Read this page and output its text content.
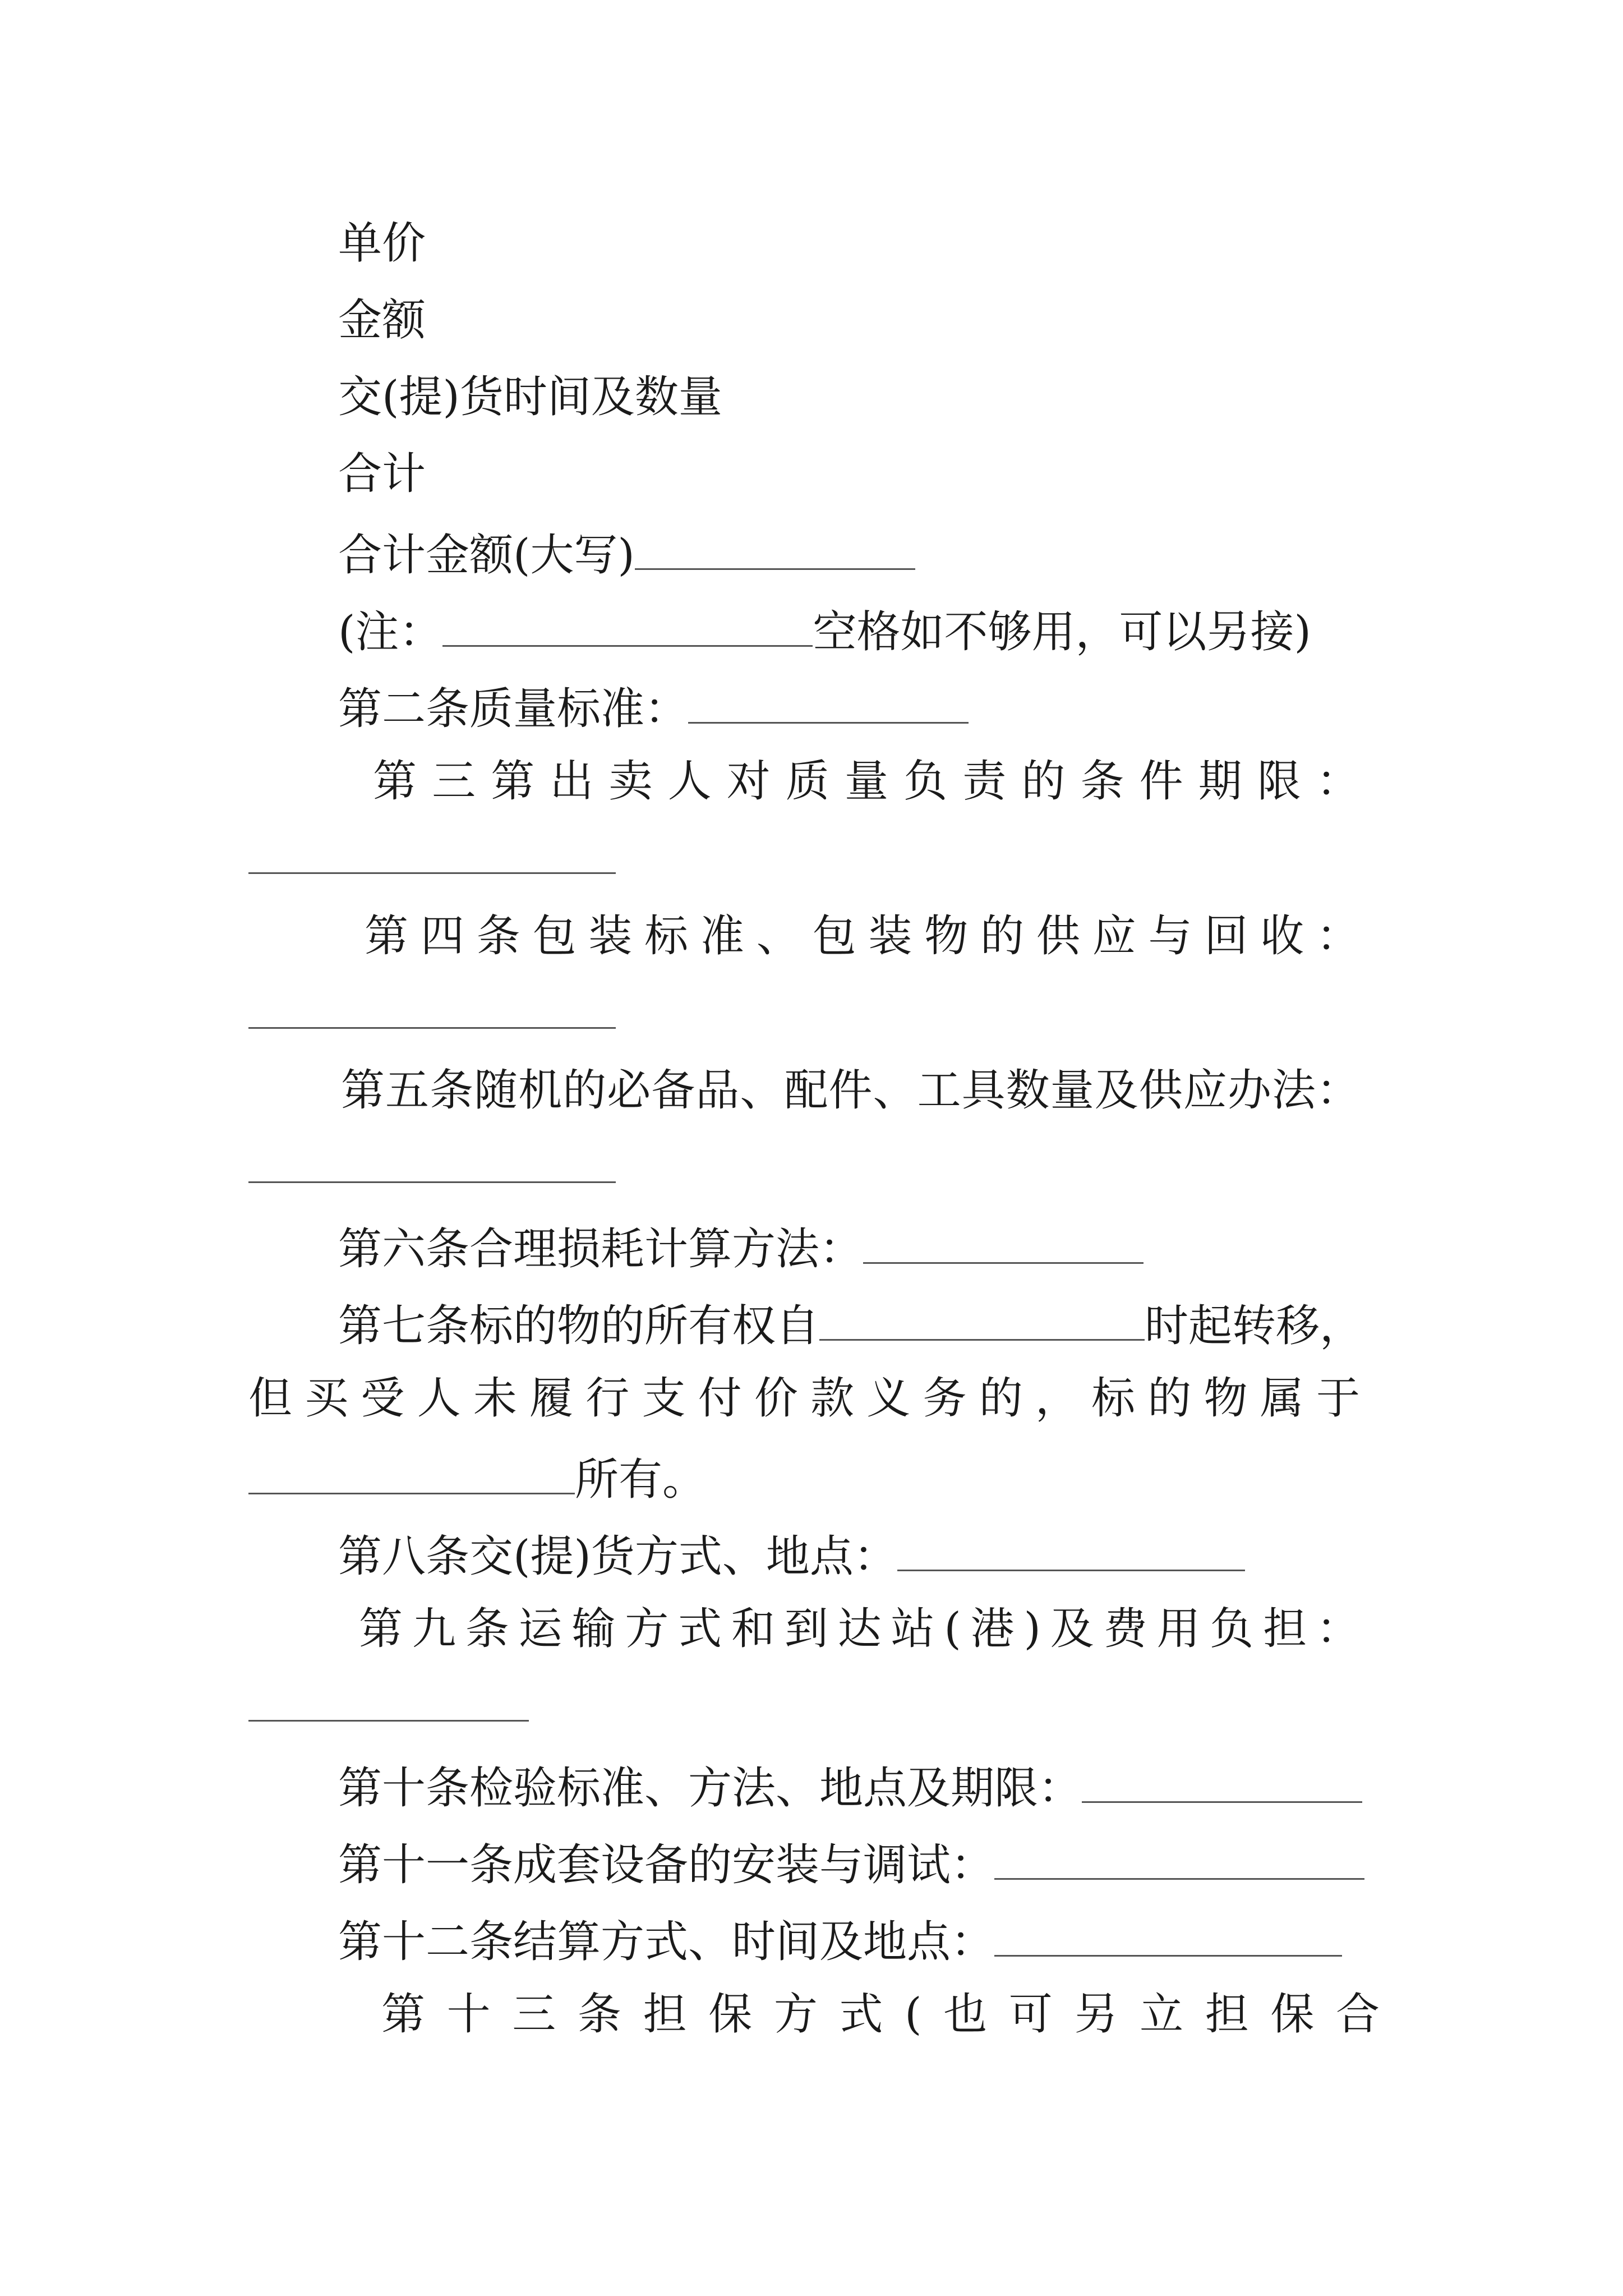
单价

金额

交(提)货时间及数量

合计

合计金额(大写)

(注：	空格如不够用，可以另接)

第二条质量标准：

第三第出卖人对质量负责的条件期限：

第四条包装标准、包装物的供应与回收：

第五条随机的必备品、配件、工具数量及供应办法：

第六条合理损耗计算方法：

第七条标的物的所有权自	时起转移，

但买受人未履行支付价款义务的，标的物属于

所有。

第八条交(提)货方式、地点：

第九条运输方式和到达站(港)及费用负担：

第十条检验标准、方法、地点及期限：

第十一条成套设备的安装与调试：

第十二条结算方式、时间及地点：

第十三条担保方式(也可另立担保合
